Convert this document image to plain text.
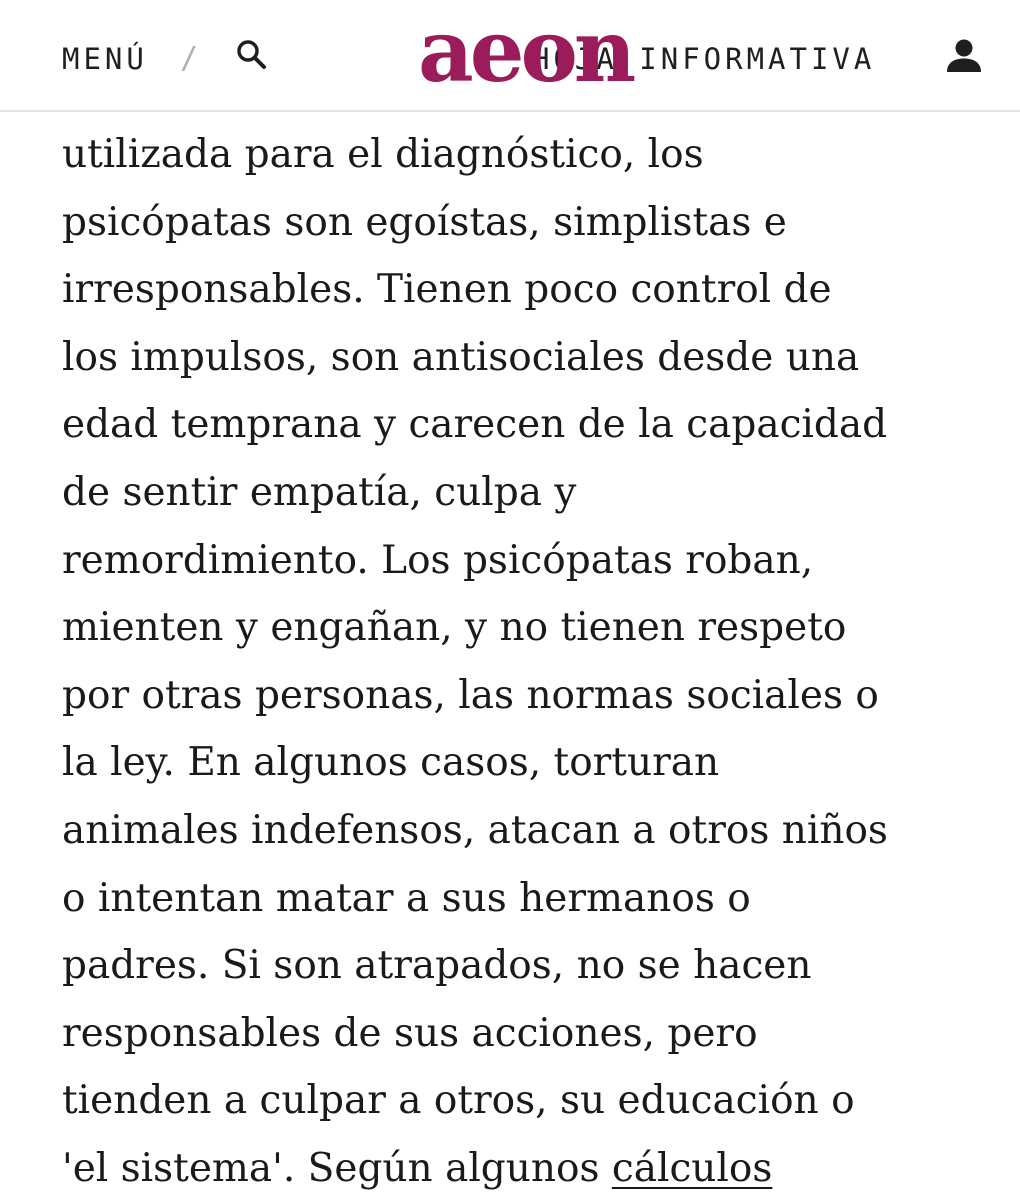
MENÚ /	HOJA INFORMATIVA
aeon
utilizada para el diagnóstico, los
psicópatas son egoístas, simplistas e
irresponsables. Tienen poco control de
los impulsos, son antisociales desde una
edad temprana y carecen de la capacidad
de sentir empatía, culpa y
remordimiento. Los psicópatas roban,
mienten y engañan, y no tienen respeto
por otras personas, las normas sociales o
la ley. En algunos casos, torturan
animales indefensos, atacan a otros niños
o intentan matar a sus hermanos o
padres. Si son atrapados, no se hacen
responsables de sus acciones, pero
tienden a culpar a otros, su educación o
'el sistema'. Según algunos cálculos
